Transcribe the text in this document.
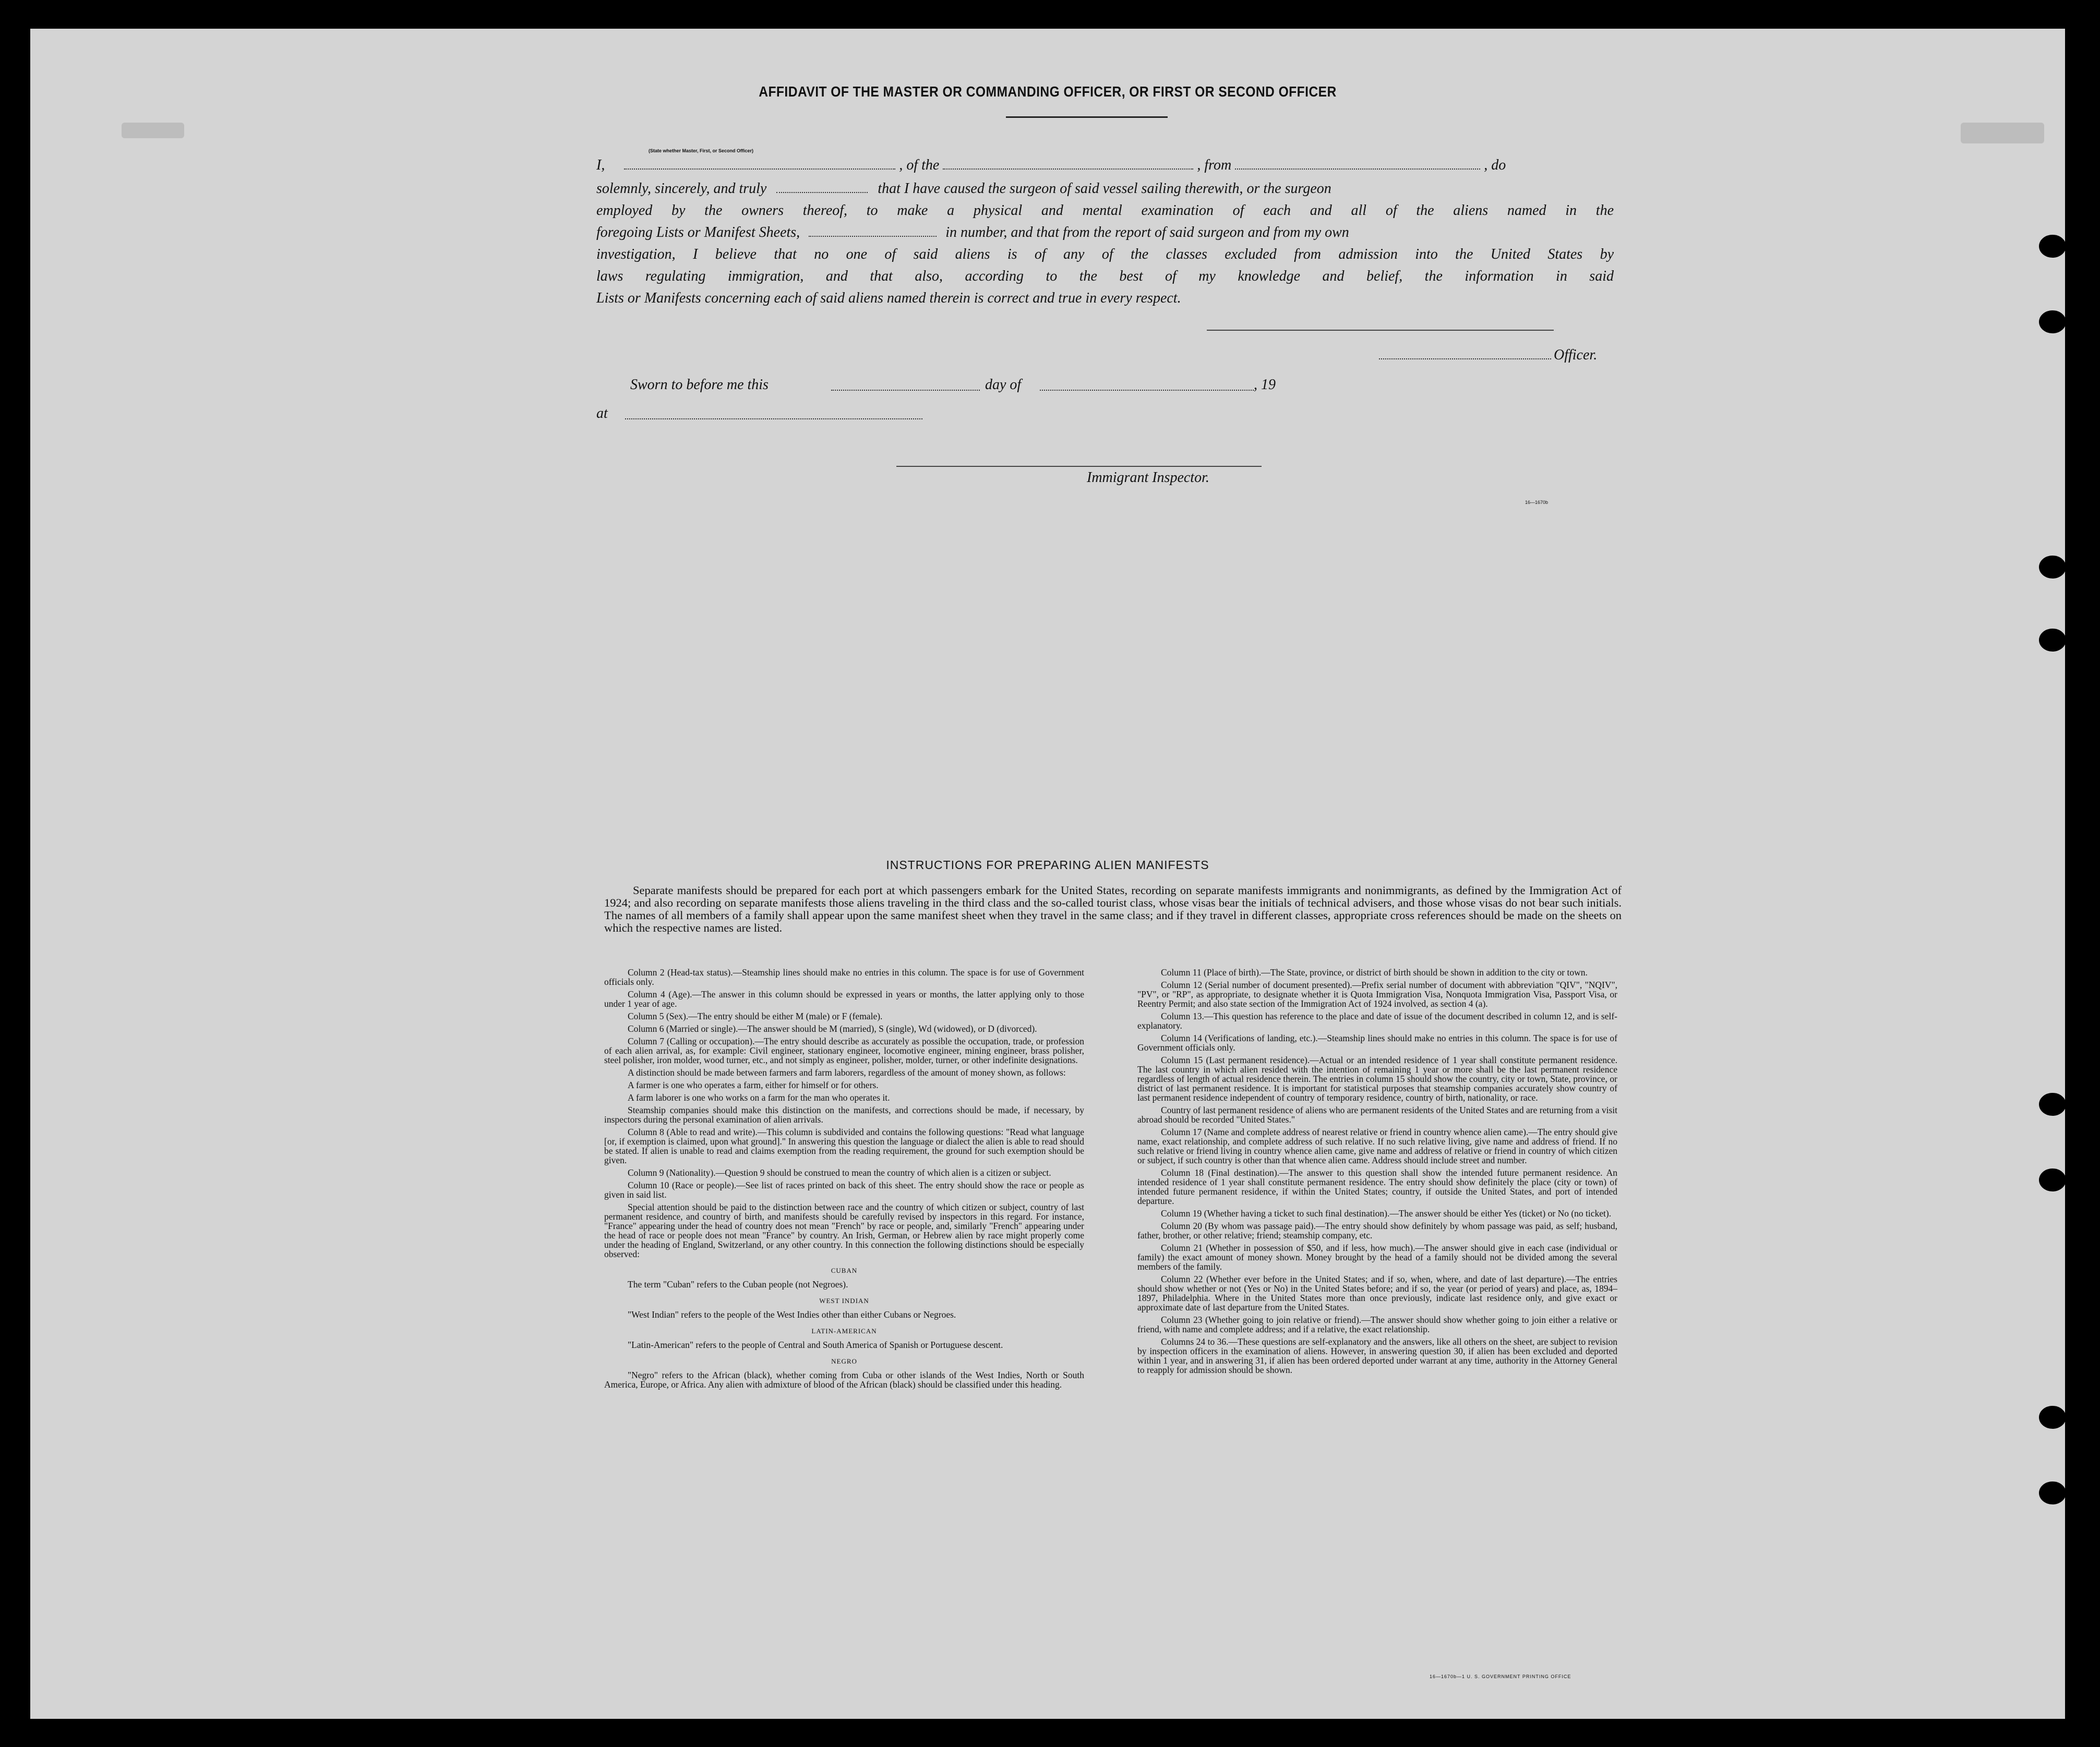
AFFIDAVIT OF THE MASTER OR COMMANDING OFFICER, OR FIRST OR SECOND OFFICER
I,	, of the	, from	, do
(State whether Master, First, or Second Officer)
solemnly, sincerely, and truly	that I have caused the surgeon of said vessel sailing therewith, or the surgeon
employed by the owners thereof, to make a physical and mental examination of each and all of the aliens named in the
foregoing Lists or Manifest Sheets,	in number, and that from the report of said surgeon and from my own
investigation, I believe that no one of said aliens is of any of the classes excluded from admission into the United States by
laws regulating immigration, and that also, according to the best of my knowledge and belief, the information in said
Lists or Manifests concerning each of said aliens named therein is correct and true in every respect.
Officer.
Sworn to before me this	day of	, 19
at
Immigrant Inspector.
16—1670b
INSTRUCTIONS FOR PREPARING ALIEN MANIFESTS
Separate manifests should be prepared for each port at which passengers embark for the United States, recording on separate manifests immigrants and nonimmigrants, as defined by the Immigration Act of 1924; and also recording on separate manifests those aliens traveling in the third class and the so-called tourist class, whose visas bear the initials of technical advisers, and those whose visas do not bear such initials. The names of all members of a family shall appear upon the same manifest sheet when they travel in the same class; and if they travel in different classes, appropriate cross references should be made on the sheets on which the respective names are listed.

Column 2 (Head-tax status).—Steamship lines should make no entries in this column. The space is for use of Government officials only.

Column 4 (Age).—The answer in this column should be expressed in years or months, the latter applying only to those under 1 year of age.

Column 5 (Sex).—The entry should be either M (male) or F (female).

Column 6 (Married or single).—The answer should be M (married), S (single), Wd (widowed), or D (divorced).

Column 7 (Calling or occupation).—The entry should describe as accurately as possible the occupation, trade, or profession of each alien arrival, as, for example: Civil engineer, stationary engineer, locomotive engineer, mining engineer, brass polisher, steel polisher, iron molder, wood turner, etc., and not simply as engineer, polisher, molder, turner, or other indefinite designations.

A distinction should be made between farmers and farm laborers, regardless of the amount of money shown, as follows:

A farmer is one who operates a farm, either for himself or for others.

A farm laborer is one who works on a farm for the man who operates it.

Steamship companies should make this distinction on the manifests, and corrections should be made, if necessary, by inspectors during the personal examination of alien arrivals.

Column 8 (Able to read and write).—This column is subdivided and contains the following questions: "Read what language [or, if exemption is claimed, upon what ground]." In answering this question the language or dialect the alien is able to read should be stated. If alien is unable to read and claims exemption from the reading requirement, the ground for such exemption should be given.

Column 9 (Nationality).—Question 9 should be construed to mean the country of which alien is a citizen or subject.

Column 10 (Race or people).—See list of races printed on back of this sheet. The entry should show the race or people as given in said list.

Special attention should be paid to the distinction between race and the country of which citizen or subject, country of last permanent residence, and country of birth, and manifests should be carefully revised by inspectors in this regard. For instance, "France" appearing under the head of country does not mean "French" by race or people, and, similarly "French" appearing under the head of race or people does not mean "France" by country. An Irish, German, or Hebrew alien by race might properly come under the heading of England, Switzerland, or any other country. In this connection the following distinctions should be especially observed:

CUBAN

The term "Cuban" refers to the Cuban people (not Negroes).

WEST INDIAN

"West Indian" refers to the people of the West Indies other than either Cubans or Negroes.

LATIN-AMERICAN

"Latin-American" refers to the people of Central and South America of Spanish or Portuguese descent.

NEGRO

"Negro" refers to the African (black), whether coming from Cuba or other islands of the West Indies, North or South America, Europe, or Africa. Any alien with admixture of blood of the African (black) should be classified under this heading.

Column 11 (Place of birth).—The State, province, or district of birth should be shown in addition to the city or town.

Column 12 (Serial number of document presented).—Prefix serial number of document with abbreviation "QIV", "NQIV", "PV", or "RP", as appropriate, to designate whether it is Quota Immigration Visa, Nonquota Immigration Visa, Passport Visa, or Reentry Permit; and also state section of the Immigration Act of 1924 involved, as section 4 (a).

Column 13.—This question has reference to the place and date of issue of the document described in column 12, and is self-explanatory.

Column 14 (Verifications of landing, etc.).—Steamship lines should make no entries in this column. The space is for use of Government officials only.

Column 15 (Last permanent residence).—Actual or an intended residence of 1 year shall constitute permanent residence. The last country in which alien resided with the intention of remaining 1 year or more shall be the last permanent residence regardless of length of actual residence therein. The entries in column 15 should show the country, city or town, State, province, or district of last permanent residence. It is important for statistical purposes that steamship companies accurately show country of last permanent residence independent of country of temporary residence, country of birth, nationality, or race.

Country of last permanent residence of aliens who are permanent residents of the United States and are returning from a visit abroad should be recorded "United States."

Column 17 (Name and complete address of nearest relative or friend in country whence alien came).—The entry should give name, exact relationship, and complete address of such relative. If no such relative living, give name and address of friend. If no such relative or friend living in country whence alien came, give name and address of relative or friend in country of which citizen or subject, if such country is other than that whence alien came. Address should include street and number.

Column 18 (Final destination).—The answer to this question shall show the intended future permanent residence. An intended residence of 1 year shall constitute permanent residence. The entry should show definitely the place (city or town) of intended future permanent residence, if within the United States; country, if outside the United States, and port of intended departure.

Column 19 (Whether having a ticket to such final destination).—The answer should be either Yes (ticket) or No (no ticket).

Column 20 (By whom was passage paid).—The entry should show definitely by whom passage was paid, as self; husband, father, brother, or other relative; friend; steamship company, etc.

Column 21 (Whether in possession of $50, and if less, how much).—The answer should give in each case (individual or family) the exact amount of money shown. Money brought by the head of a family should not be divided among the several members of the family.

Column 22 (Whether ever before in the United States; and if so, when, where, and date of last departure).—The entries should show whether or not (Yes or No) in the United States before; and if so, the year (or period of years) and place, as, 1894–1897, Philadelphia. Where in the United States more than once previously, indicate last residence only, and give exact or approximate date of last departure from the United States.

Column 23 (Whether going to join relative or friend).—The answer should show whether going to join either a relative or friend, with name and complete address; and if a relative, the exact relationship.

Columns 24 to 36.—These questions are self-explanatory and the answers, like all others on the sheet, are subject to revision by inspection officers in the examination of aliens. However, in answering question 30, if alien has been excluded and deported within 1 year, and in answering 31, if alien has been ordered deported under warrant at any time, authority in the Attorney General to reapply for admission should be shown.

16—1670b—1 U. S. GOVERNMENT PRINTING OFFICE
